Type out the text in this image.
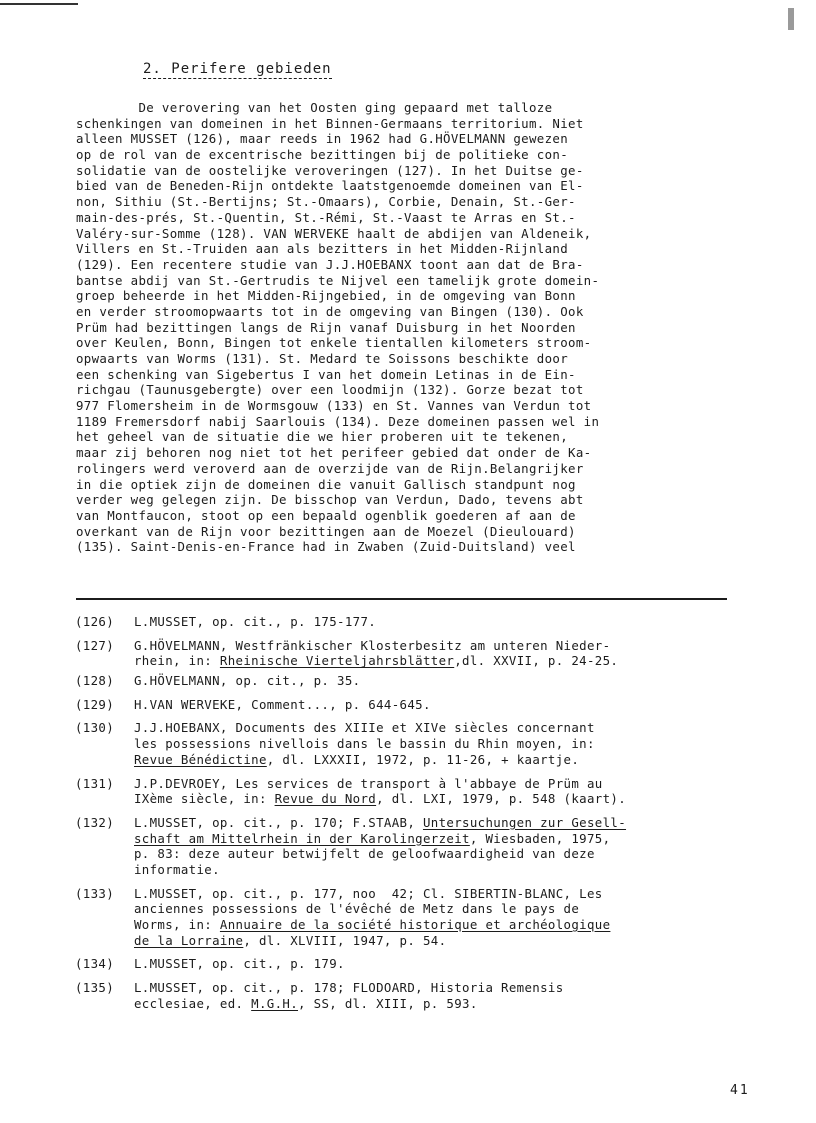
2. Perifere gebieden
De verovering van het Oosten ging gepaard met talloze
schenkingen van domeinen in het Binnen-Germaans territorium. Niet
alleen MUSSET (126), maar reeds in 1962 had G.HÖVELMANN gewezen
op de rol van de excentrische bezittingen bij de politieke con-
solidatie van de oostelijke veroveringen (127). In het Duitse ge-
bied van de Beneden-Rijn ontdekte laatstgenoemde domeinen van El-
non, Sithiu (St.-Bertijns; St.-Omaars), Corbie, Denain, St.-Ger-
main-des-prés, St.-Quentin, St.-Rémi, St.-Vaast te Arras en St.-
Valéry-sur-Somme (128). VAN WERVEKE haalt de abdijen van Aldeneik,
Villers en St.-Truiden aan als bezitters in het Midden-Rijnland
(129). Een recentere studie van J.J.HOEBANX toont aan dat de Bra-
bantse abdij van St.-Gertrudis te Nijvel een tamelijk grote domein-
groep beheerde in het Midden-Rijngebied, in de omgeving van Bonn
en verder stroomopwaarts tot in de omgeving van Bingen (130). Ook
Prüm had bezittingen langs de Rijn vanaf Duisburg in het Noorden
over Keulen, Bonn, Bingen tot enkele tientallen kilometers stroom-
opwaarts van Worms (131). St. Medard te Soissons beschikte door
een schenking van Sigebertus I van het domein Letinas in de Ein-
richgau (Taunusgebergte) over een loodmijn (132). Gorze bezat tot
977 Flomersheim in de Wormsgouw (133) en St. Vannes van Verdun tot
1189 Fremersdorf nabij Saarlouis (134). Deze domeinen passen wel in
het geheel van de situatie die we hier proberen uit te tekenen,
maar zij behoren nog niet tot het perifeer gebied dat onder de Ka-
rolingers werd veroverd aan de overzijde van de Rijn.Belangrijker
in die optiek zijn de domeinen die vanuit Gallisch standpunt nog
verder weg gelegen zijn. De bisschop van Verdun, Dado, tevens abt
van Montfaucon, stoot op een bepaald ogenblik goederen af aan de
overkant van de Rijn voor bezittingen aan de Moezel (Dieulouard)
(135). Saint-Denis-en-France had in Zwaben (Zuid-Duitsland) veel
(126)	L.MUSSET, op. cit., p. 175-177.
(127)	G.HÖVELMANN, Westfränkischer Klosterbesitz am unteren Nieder-
rhein, in: Rheinische Vierteljahrsblätter,dl. XXVII, p. 24-25.
(128)	G.HÖVELMANN, op. cit., p. 35.
(129)	H.VAN WERVEKE, Comment..., p. 644-645.
(130)	J.J.HOEBANX, Documents des XIIIe et XIVe siècles concernant
les possessions nivellois dans le bassin du Rhin moyen, in:
Revue Bénédictine, dl. LXXXII, 1972, p. 11-26, + kaartje.
(131)	J.P.DEVROEY, Les services de transport à l'abbaye de Prüm au
IXème siècle, in: Revue du Nord, dl. LXI, 1979, p. 548 (kaart).
(132)	L.MUSSET, op. cit., p. 170; F.STAAB, Untersuchungen zur Gesell-
schaft am Mittelrhein in der Karolingerzeit, Wiesbaden, 1975,
p. 83: deze auteur betwijfelt de geloofwaardigheid van deze
informatie.
(133)	L.MUSSET, op. cit., p. 177, noo  42; Cl. SIBERTIN-BLANC, Les
anciennes possessions de l'évêché de Metz dans le pays de
Worms, in: Annuaire de la société historique et archéologique
de la Lorraine, dl. XLVIII, 1947, p. 54.
(134)	L.MUSSET, op. cit., p. 179.
(135)	L.MUSSET, op. cit., p. 178; FLODOARD, Historia Remensis
ecclesiae, ed. M.G.H., SS, dl. XIII, p. 593.
41
